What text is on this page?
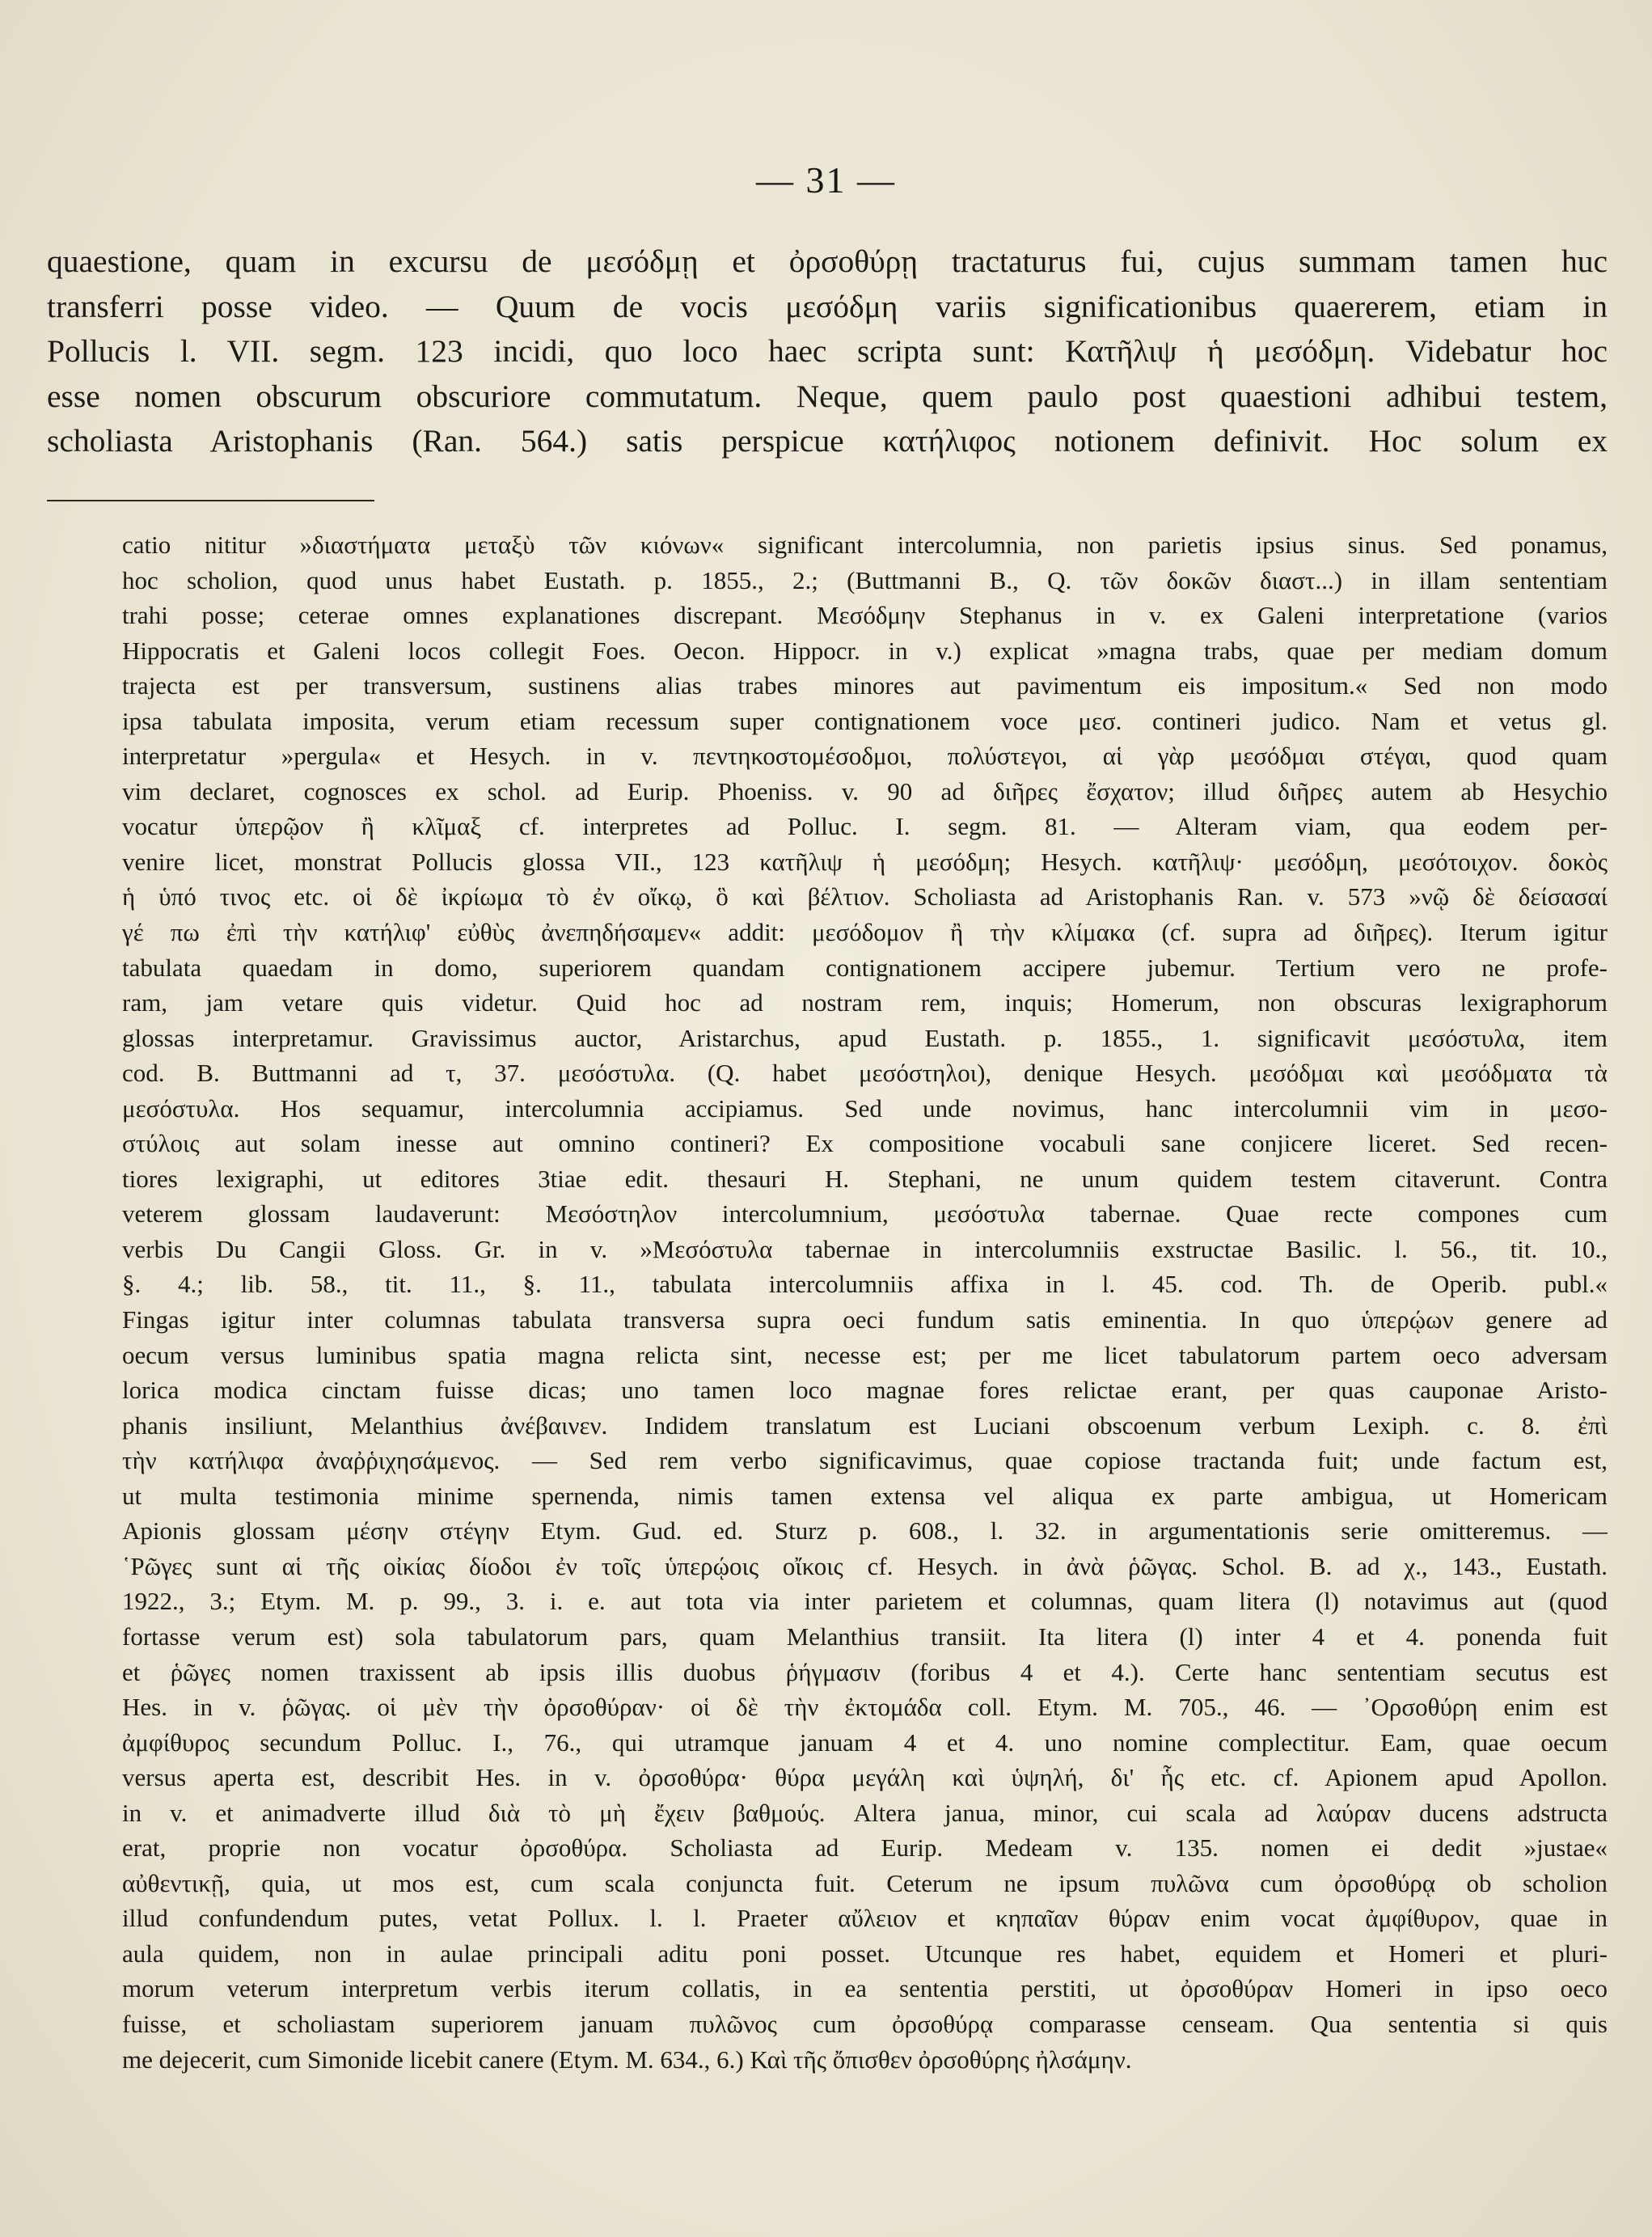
— 31 —
quaestione, quam in excursu de μεσόδμῃ et ὀρσοθύρῃ tractaturus fui, cujus summam tamen huc
transferri posse video. — Quum de vocis μεσόδμη variis significationibus quaererem, etiam in
Pollucis l. VII. segm. 123 incidi, quo loco haec scripta sunt: Κατῆλιψ ἡ μεσόδμη. Videbatur hoc
esse nomen obscurum obscuriore commutatum. Neque, quem paulo post quaestioni adhibui testem,
scholiasta Aristophanis (Ran. 564.) satis perspicue κατήλιφος notionem definivit. Hoc solum ex
catio nititur »διαστήματα μεταξὺ τῶν κιόνων« significant intercolumnia, non parietis ipsius sinus. Sed ponamus,
hoc scholion, quod unus habet Eustath. p. 1855., 2.; (Buttmanni B., Q. τῶν δοκῶν διαστ...) in illam sententiam
trahi posse; ceterae omnes explanationes discrepant. Μεσόδμην Stephanus in v. ex Galeni interpretatione (varios
Hippocratis et Galeni locos collegit Foes. Oecon. Hippocr. in v.) explicat »magna trabs, quae per mediam domum
trajecta est per transversum, sustinens alias trabes minores aut pavimentum eis impositum.« Sed non modo
ipsa tabulata imposita, verum etiam recessum super contignationem voce μεσ. contineri judico. Nam et vetus gl.
interpretatur »pergula« et Hesych. in v. πεντηκοστομέσοδμοι, πολύστεγοι, αἱ γὰρ μεσόδμαι στέγαι, quod quam
vim declaret, cognosces ex schol. ad Eurip. Phoeniss. v. 90 ad διῆρες ἔσχατον; illud διῆρες autem ab Hesychio
vocatur ὑπερῷον ἢ κλῖμαξ cf. interpretes ad Polluc. I. segm. 81. — Alteram viam, qua eodem per-
venire licet, monstrat Pollucis glossa VII., 123 κατῆλιψ ἡ μεσόδμη; Hesych. κατῆλιψ· μεσόδμη, μεσότοιχον. δοκὸς
ἡ ὑπό τινος etc. οἱ δὲ ἰκρίωμα τὸ ἐν οἴκῳ, ὃ καὶ βέλτιον. Scholiasta ad Aristophanis Ran. v. 573 »νῷ δὲ δείσασαί
γέ πω ἐπὶ τὴν κατήλιφ' εὐθὺς ἀνεπηδήσαμεν« addit: μεσόδομον ἢ τὴν κλίμακα (cf. supra ad διῆρες). Iterum igitur
tabulata quaedam in domo, superiorem quandam contignationem accipere jubemur. Tertium vero ne profe-
ram, jam vetare quis videtur. Quid hoc ad nostram rem, inquis; Homerum, non obscuras lexigraphorum
glossas interpretamur. Gravissimus auctor, Aristarchus, apud Eustath. p. 1855., 1. significavit μεσόστυλα, item
cod. B. Buttmanni ad τ, 37. μεσόστυλα. (Q. habet μεσόστηλοι), denique Hesych. μεσόδμαι καὶ μεσόδματα τὰ
μεσόστυλα. Hos sequamur, intercolumnia accipiamus. Sed unde novimus, hanc intercolumnii vim in μεσο-
στύλοις aut solam inesse aut omnino contineri? Ex compositione vocabuli sane conjicere liceret. Sed recen-
tiores lexigraphi, ut editores 3tiae edit. thesauri H. Stephani, ne unum quidem testem citaverunt. Contra
veterem glossam laudaverunt: Μεσόστηλον intercolumnium, μεσόστυλα tabernae. Quae recte compones cum
verbis Du Cangii Gloss. Gr. in v. »Μεσόστυλα tabernae in intercolumniis exstructae Basilic. l. 56., tit. 10.,
§. 4.; lib. 58., tit. 11., §. 11., tabulata intercolumniis affixa in l. 45. cod. Th. de Operib. publ.«
Fingas igitur inter columnas tabulata transversa supra oeci fundum satis eminentia. In quo ὑπερῴων genere ad
oecum versus luminibus spatia magna relicta sint, necesse est; per me licet tabulatorum partem oeco adversam
lorica modica cinctam fuisse dicas; uno tamen loco magnae fores relictae erant, per quas cauponae Aristo-
phanis insiliunt, Melanthius ἀνέβαινεν. Indidem translatum est Luciani obscoenum verbum Lexiph. c. 8. ἐπὶ
τὴν κατήλιφα ἀναῤῥιχησάμενος. — Sed rem verbo significavimus, quae copiose tractanda fuit; unde factum est,
ut multa testimonia minime spernenda, nimis tamen extensa vel aliqua ex parte ambigua, ut Homericam
Apionis glossam μέσην στέγην Etym. Gud. ed. Sturz p. 608., l. 32. in argumentationis serie omitteremus. —
῾Ρῶγες sunt αἱ τῆς οἰκίας δίοδοι ἐν τοῖς ὑπερῴοις οἴκοις cf. Hesych. in ἀνὰ ῥῶγας. Schol. B. ad χ., 143., Eustath.
1922., 3.; Etym. M. p. 99., 3. i. e. aut tota via inter parietem et columnas, quam litera (l) notavimus aut (quod
fortasse verum est) sola tabulatorum pars, quam Melanthius transiit. Ita litera (l) inter 4 et 4. ponenda fuit
et ῥῶγες nomen traxissent ab ipsis illis duobus ῥήγμασιν (foribus 4 et 4.). Certe hanc sententiam secutus est
Hes. in v. ῥῶγας. οἱ μὲν τὴν ὀρσοθύραν· οἱ δὲ τὴν ἐκτομάδα coll. Etym. M. 705., 46. — ᾿Ορσοθύρη enim est
ἀμφίθυρος secundum Polluc. I., 76., qui utramque januam 4 et 4. uno nomine complectitur. Eam, quae oecum
versus aperta est, describit Hes. in v. ὀρσοθύρα· θύρα μεγάλη καὶ ὑψηλή, δι' ἧς etc. cf. Apionem apud Apollon.
in v. et animadverte illud διὰ τὸ μὴ ἔχειν βαθμούς. Altera janua, minor, cui scala ad λαύραν ducens adstructa
erat, proprie non vocatur ὀρσοθύρα. Scholiasta ad Eurip. Medeam v. 135. nomen ei dedit »justae«
αὐθεντικῇ, quia, ut mos est, cum scala conjuncta fuit. Ceterum ne ipsum πυλῶνα cum ὀρσοθύρᾳ ob scholion
illud confundendum putes, vetat Pollux. l. l. Praeter αὔλειον et κηπαῖαν θύραν enim vocat ἀμφίθυρον, quae in
aula quidem, non in aulae principali aditu poni posset. Utcunque res habet, equidem et Homeri et pluri-
morum veterum interpretum verbis iterum collatis, in ea sententia perstiti, ut ὀρσοθύραν Homeri in ipso oeco
fuisse, et scholiastam superiorem januam πυλῶνος cum ὀρσοθύρᾳ comparasse censeam. Qua sententia si quis
me dejecerit, cum Simonide licebit canere (Etym. M. 634., 6.) Καὶ τῆς ὄπισθεν ὀρσοθύρης ἠλσάμην.
